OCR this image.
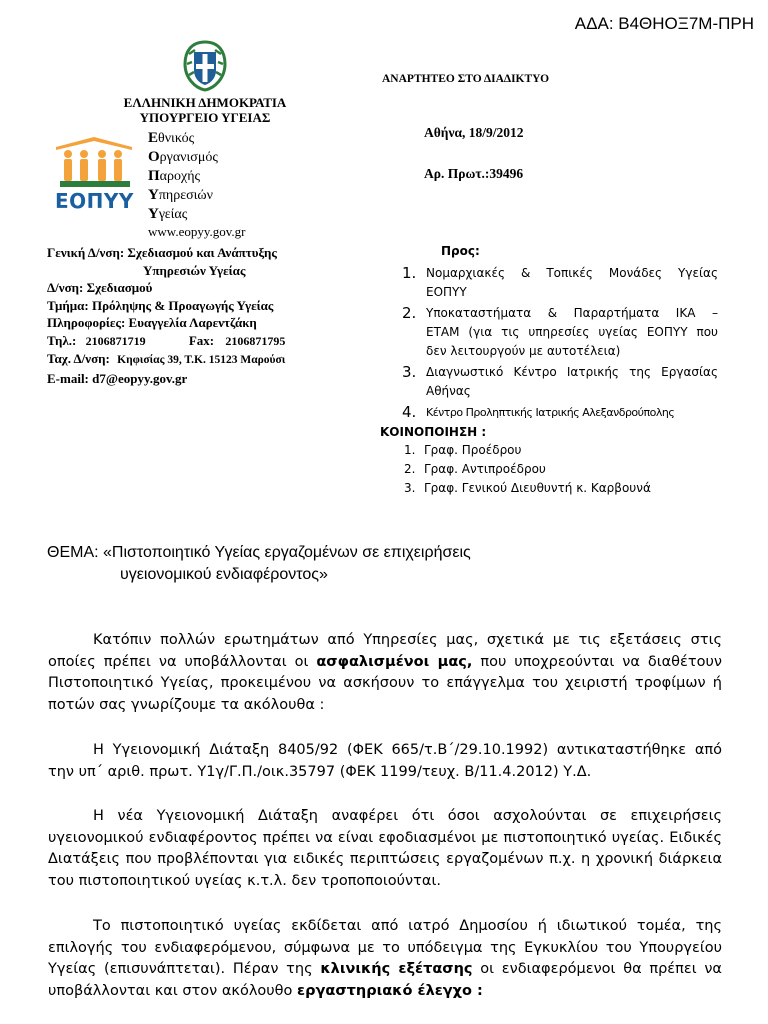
ΑΔΑ: Β4ΘΗΟΞ7Μ-ΠΡΗ
ΕΛΛΗΝΙΚΗ ΔΗΜΟΚΡΑΤΙΑ
ΥΠΟΥΡΓΕΙΟ ΥΓΕΙΑΣ
ΕΟΠΥΥ
Εθνικός
Οργανισμός
Παροχής
Υπηρεσιών
Υγείας
www.eopyy.gov.gr
ΑΝΑΡΤΗΤΕΟ ΣΤΟ ΔΙΑΔΙΚΤΥΟ
Αθήνα, 18/9/2012
Αρ. Πρωτ.:39496
Γενική Δ/νση: Σχεδιασμού και Ανάπτυξης
Υπηρεσιών Υγείας
Δ/νση: Σχεδιασμού
Τμήμα: Πρόληψης & Προαγωγής Υγείας
Πληροφορίες: Ευαγγελία Λαρεντζάκη
Τηλ.: 2106871719	Fax: 2106871795
Ταχ. Δ/νση: Κηφισίας 39, Τ.Κ. 15123 Μαρούσι
E-mail: d7@eopyy.gov.gr
Προς:
1. Νομαρχιακές & Τοπικές Μονάδες Υγείας
ΕΟΠΥΥ
2. Υποκαταστήματα & Παραρτήματα ΙΚΑ –
ΕΤΑΜ (για τις υπηρεσίες υγείας ΕΟΠΥΥ που
δεν λειτουργούν με αυτοτέλεια)
3. Διαγνωστικό Κέντρο Ιατρικής της Εργασίας
Αθήνας
4. Κέντρο Προληπτικής Ιατρικής Αλεξανδρούπολης
ΚΟΙΝΟΠΟΙΗΣΗ :
1. Γραφ. Προέδρου
2. Γραφ. Αντιπροέδρου
3. Γραφ. Γενικού Διευθυντή κ. Καρβουνά
ΘΕΜΑ: «Πιστοποιητικό Υγείας εργαζομένων σε επιχειρήσεις
υγειονομικού ενδιαφέροντος»
Κατόπιν πολλών ερωτημάτων από Υπηρεσίες μας, σχετικά με τις εξετάσεις στις οποίες πρέπει να υποβάλλονται οι ασφαλισμένοι μας, που υποχρεούνται να διαθέτουν Πιστοποιητικό Υγείας, προκειμένου να ασκήσουν το επάγγελμα του χειριστή τροφίμων ή ποτών σας γνωρίζουμε τα ακόλουθα :
Η Υγειονομική Διάταξη 8405/92 (ΦΕΚ 665/τ.Β΄/29.10.1992) αντικαταστήθηκε από την υπ΄ αριθ. πρωτ. Υ1γ/Γ.Π./οικ.35797 (ΦΕΚ 1199/τευχ. Β/11.4.2012) Υ.Δ.
Η νέα Υγειονομική Διάταξη αναφέρει ότι όσοι ασχολούνται σε επιχειρήσεις υγειονομικού ενδιαφέροντος πρέπει να είναι εφοδιασμένοι με πιστοποιητικό υγείας. Ειδικές Διατάξεις που προβλέπονται για ειδικές περιπτώσεις εργαζομένων π.χ. η χρονική διάρκεια του πιστοποιητικού υγείας κ.τ.λ. δεν τροποποιούνται.
Το πιστοποιητικό υγείας εκδίδεται από ιατρό Δημοσίου ή ιδιωτικού τομέα, της επιλογής του ενδιαφερόμενου, σύμφωνα με το υπόδειγμα της Εγκυκλίου του Υπουργείου Υγείας (επισυνάπτεται). Πέραν της κλινικής εξέτασης οι ενδιαφερόμενοι θα πρέπει να υποβάλλονται και στον ακόλουθο εργαστηριακό έλεγχο :
